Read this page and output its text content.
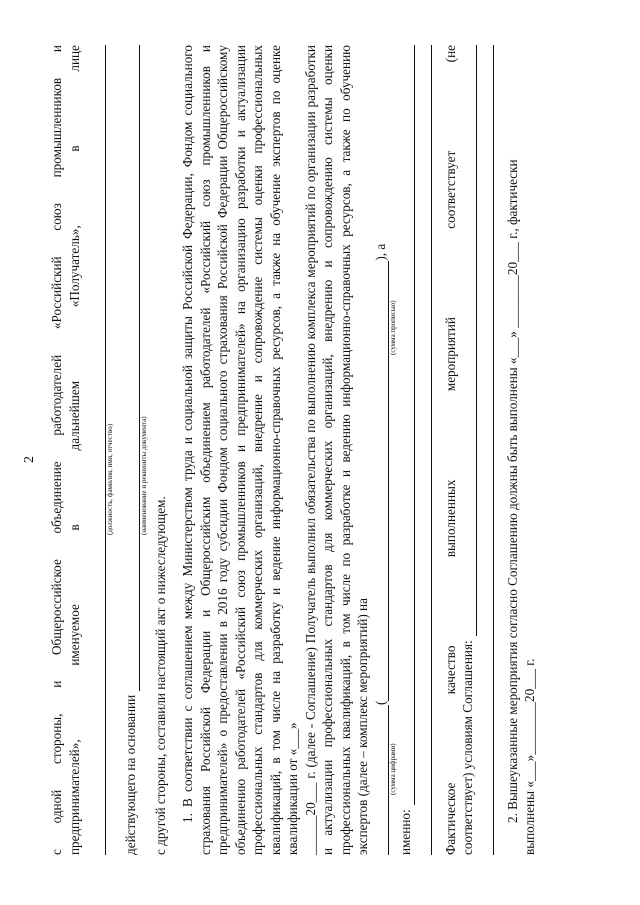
2
с
одной
стороны,
и
Общероссийское
объединение
работодателей
«Российский
союз
промышленников
и
предпринимателей»,
именуемое
в
дальнейшем
«Получатель»,
в
лице
(должность, фамилия, имя, отчество)
действующего на основании
(наименование и реквизиты документа)
с другой стороны, составили настоящий акт о нижеследующем. 1. В соответствии с соглашением между Министерством труда и социальной защиты Российской Федерации, Фондом социального страхования Российской Федерации и Общероссийским объединением работодателей «Российский союз промышленников и предпринимателей» о предоставлении в 2016 году субсидии Фондом социального страхования Российской Федерации Общероссийскому объединению работодателей «Российский союз промышленников и предпринимателей» на организацию разработки и актуализации профессиональных стандартов для коммерческих организаций, внедрение и сопровождение системы оценки профессиональных квалификаций, в том числе на разработку и ведение информационно-справочных ресурсов, а также на обучение экспертов по оценке квалификации от «___» ______20___ г. (далее - Соглашение) Получатель выполнил обязательства по выполнению комплекса мероприятий по организации разработки и актуализации профессиональных стандартов для коммерческих организаций, внедрению и сопровождению системы оценки профессиональных квалификаций, в том числе по разработке и ведению информационно-справочных ресурсов, а также по обучению экспертов (далее – комплекс мероприятий) на (
), а
(сумма цифрами)
(сумма прописью)
именно: Фактическое
качество
выполненных
мероприятий
соответствует
(не
соответствует) условиям Соглашения: 2. Вышеуказанные мероприятия согласно Соглашению должны быть выполнены «___» ________20___ г., фактически выполнены «___»________20___ г.
